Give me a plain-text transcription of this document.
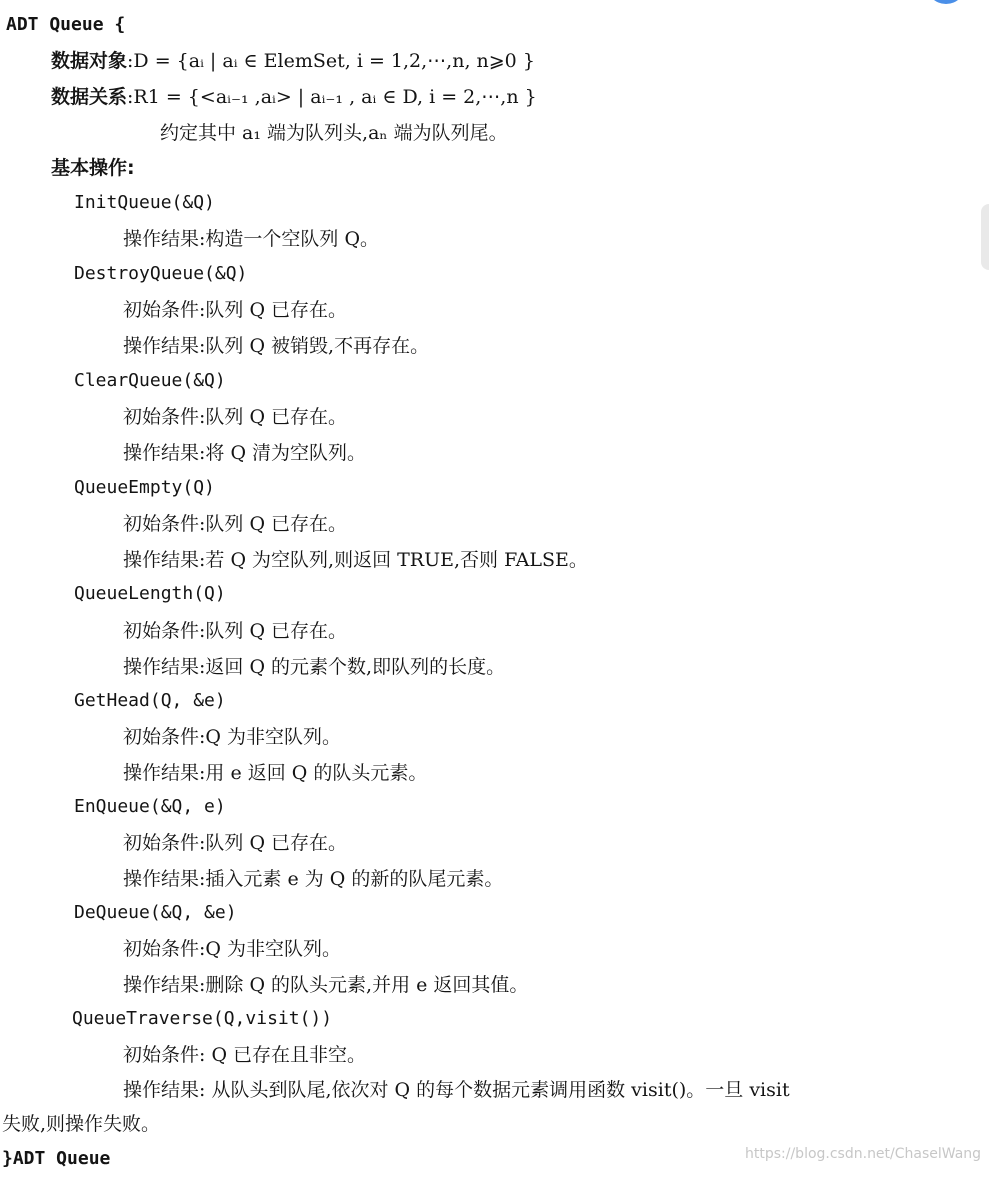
ADT Queue {
数据对象:D = {aᵢ | aᵢ ∈ ElemSet, i = 1,2,⋯,n, n⩾0 }
数据关系:R1 = {<aᵢ₋₁ ,aᵢ> | aᵢ₋₁ , aᵢ ∈ D, i = 2,⋯,n }
约定其中 a₁ 端为队列头,aₙ 端为队列尾。
基本操作:
InitQueue(&Q)
操作结果:构造一个空队列 Q。
DestroyQueue(&Q)
初始条件:队列 Q 已存在。
操作结果:队列 Q 被销毁,不再存在。
ClearQueue(&Q)
初始条件:队列 Q 已存在。
操作结果:将 Q 清为空队列。
QueueEmpty(Q)
初始条件:队列 Q 已存在。
操作结果:若 Q 为空队列,则返回 TRUE,否则 FALSE。
QueueLength(Q)
初始条件:队列 Q 已存在。
操作结果:返回 Q 的元素个数,即队列的长度。
GetHead(Q, &e)
初始条件:Q 为非空队列。
操作结果:用 e 返回 Q 的队头元素。
EnQueue(&Q, e)
初始条件:队列 Q 已存在。
操作结果:插入元素 e 为 Q 的新的队尾元素。
DeQueue(&Q, &e)
初始条件:Q 为非空队列。
操作结果:删除 Q 的队头元素,并用 e 返回其值。
QueueTraverse(Q,visit())
初始条件: Q 已存在且非空。
操作结果: 从队头到队尾,依次对 Q 的每个数据元素调用函数 visit()。一旦 visit
失败,则操作失败。
}ADT Queue	https://blog.csdn.net/ChaselWang
